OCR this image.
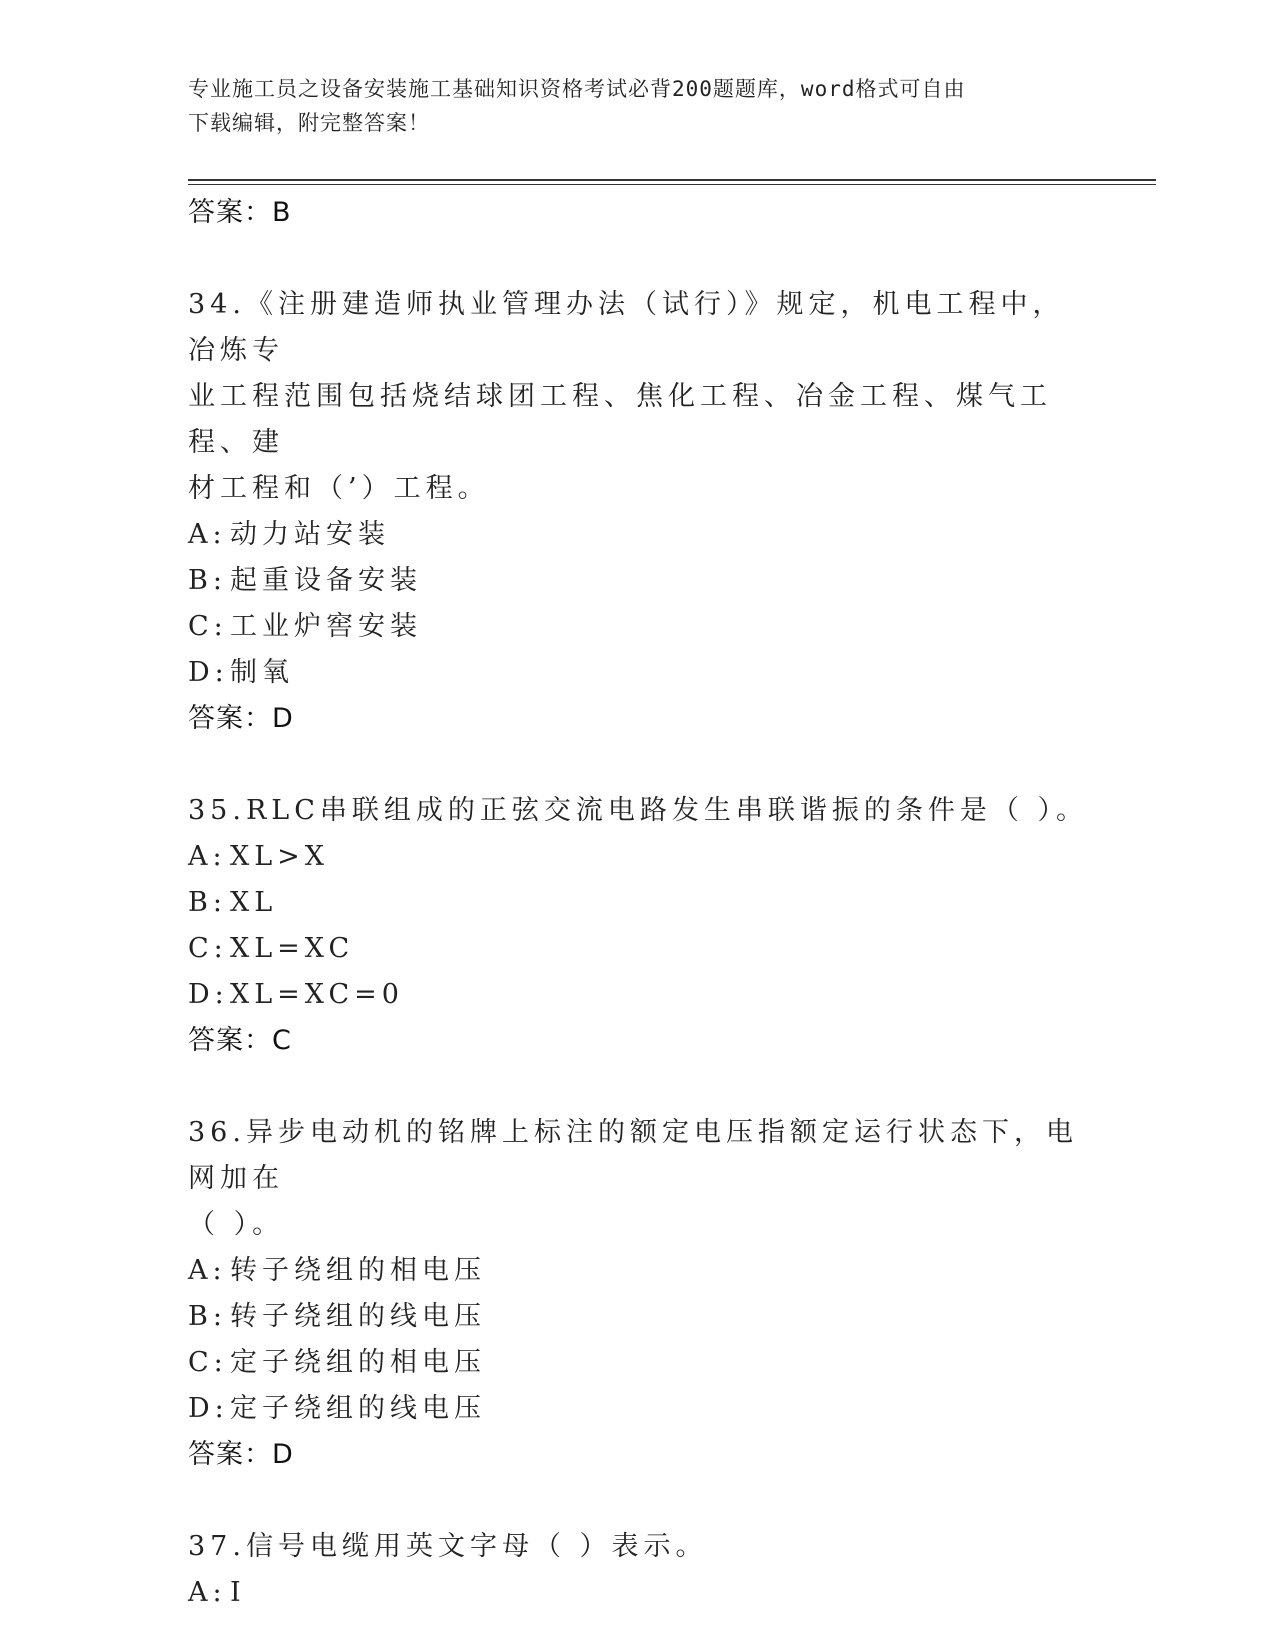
专业施工员之设备安装施工基础知识资格考试必背200题题库，word格式可自由
下载编辑，附完整答案！
答案：B
34.《注册建造师执业管理办法（试行）》规定，机电工程中，冶炼专
业工程范围包括烧结球团工程、焦化工程、冶金工程、煤气工程、建
材工程和（’）工程。
A: 动力站安装
B: 起重设备安装
C:工业炉窖安装
D:制氧
答案：D
35.RLC串联组成的正弦交流电路发生串联谐振的条件是（ ）。
A: XL>X
B: XL
C:XL=XC
D:XL=XC=0
答案：C
36.异步电动机的铭牌上标注的额定电压指额定运行状态下，电网加在
（ ）。
A: 转子绕组的相电压
B: 转子绕组的线电压
C:定子绕组的相电压
D:定子绕组的线电压
答案：D
37.信号电缆用英文字母（ ）表示。
A: I
